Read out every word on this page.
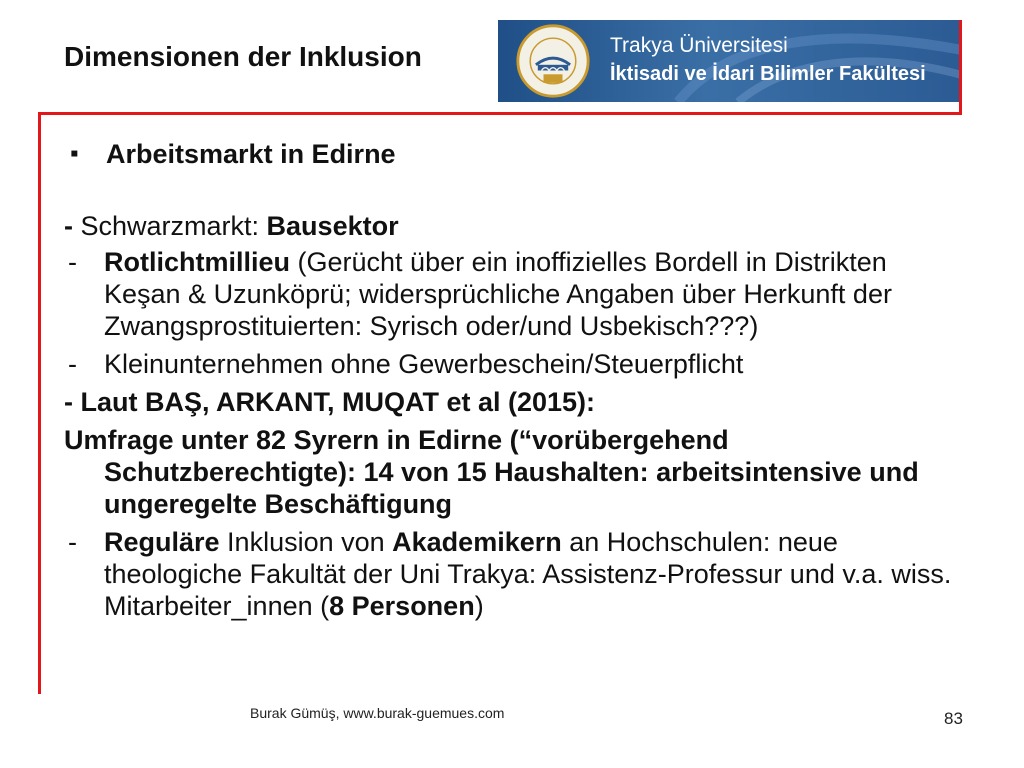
Dimensionen der Inklusion	Trakya Üniversitesi
İktisadi ve İdari Bilimler Fakültesi
▪	Arbeitsmarkt in Edirne
- Schwarzmarkt: Bausektor
-	Rotlichtmillieu (Gerücht über ein inoffizielles Bordell in Distrikten Keşan & Uzunköprü; widersprüchliche Angaben über Herkunft der Zwangsprostituierten: Syrisch oder/und Usbekisch???)
-	Kleinunternehmen ohne Gewerbeschein/Steuerpflicht
- Laut BAŞ, ARKANT, MUQAT et al (2015):
Umfrage unter 82 Syrern in Edirne (“vorübergehend Schutzberechtigte): 14 von 15 Haushalten: arbeitsintensive und ungeregelte Beschäftigung
-	Reguläre Inklusion von Akademikern an Hochschulen: neue theologiche Fakultät der Uni Trakya: Assistenz-Professur und v.a. wiss. Mitarbeiter_innen (8 Personen)
Burak Gümüş, www.burak-guemues.com	83
